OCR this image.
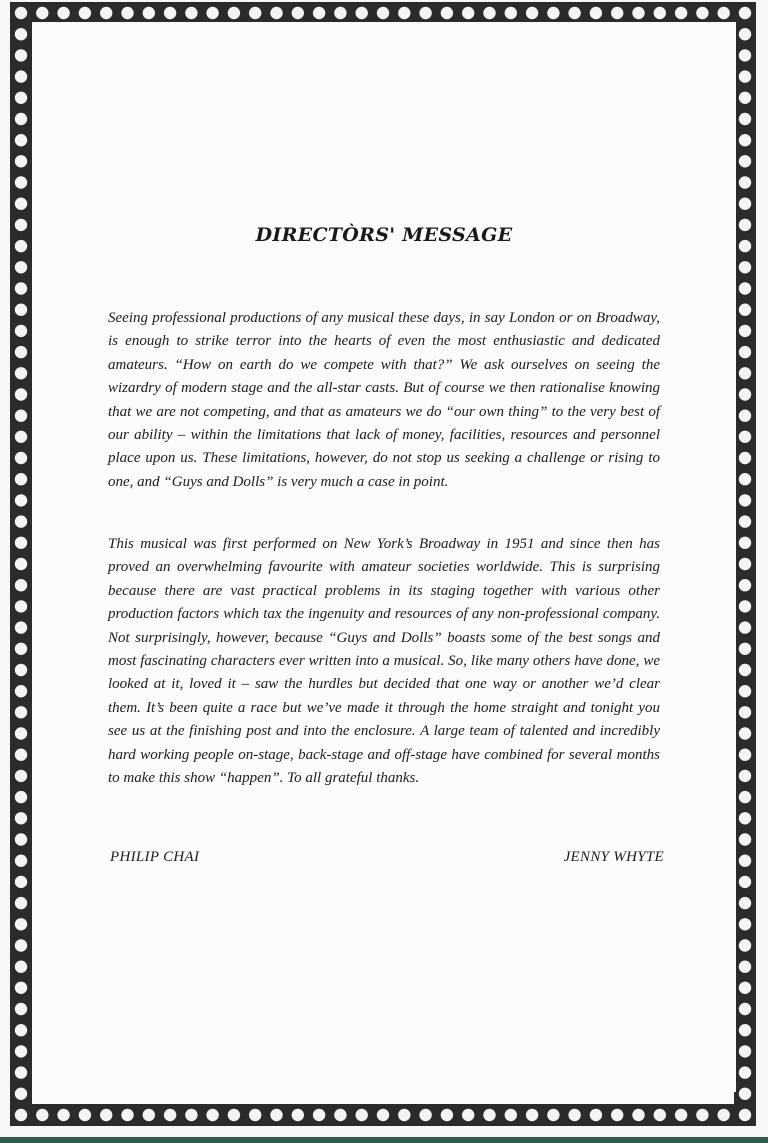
DIRECTÒRS' MESSAGE

Seeing professional productions of any musical these days, in say London or on Broadway, is enough to strike terror into the hearts of even the most enthusiastic and dedicated amateurs. “How on earth do we compete with that?” We ask ourselves on seeing the wizardry of modern stage and the all-star casts. But of course we then rationalise knowing that we are not competing, and that as amateurs we do “our own thing” to the very best of our ability – within the limitations that lack of money, facilities, resources and personnel place upon us. These limitations, however, do not stop us seeking a challenge or rising to one, and “Guys and Dolls” is very much a case in point.

This musical was first performed on New York’s Broadway in 1951 and since then has proved an overwhelming favourite with amateur societies worldwide. This is surprising because there are vast practical problems in its staging together with various other production factors which tax the ingenuity and resources of any non-professional company. Not surprisingly, however, because “Guys and Dolls” boasts some of the best songs and most fascinating characters ever written into a musical. So, like many others have done, we looked at it, loved it – saw the hurdles but decided that one way or another we’d clear them. It’s been quite a race but we’ve made it through the home straight and tonight you see us at the finishing post and into the enclosure. A large team of talented and incredibly hard working people on-stage, back-stage and off-stage have combined for several months to make this show “happen”. To all grateful thanks.

PHILIP CHAI	JENNY WHYTE
